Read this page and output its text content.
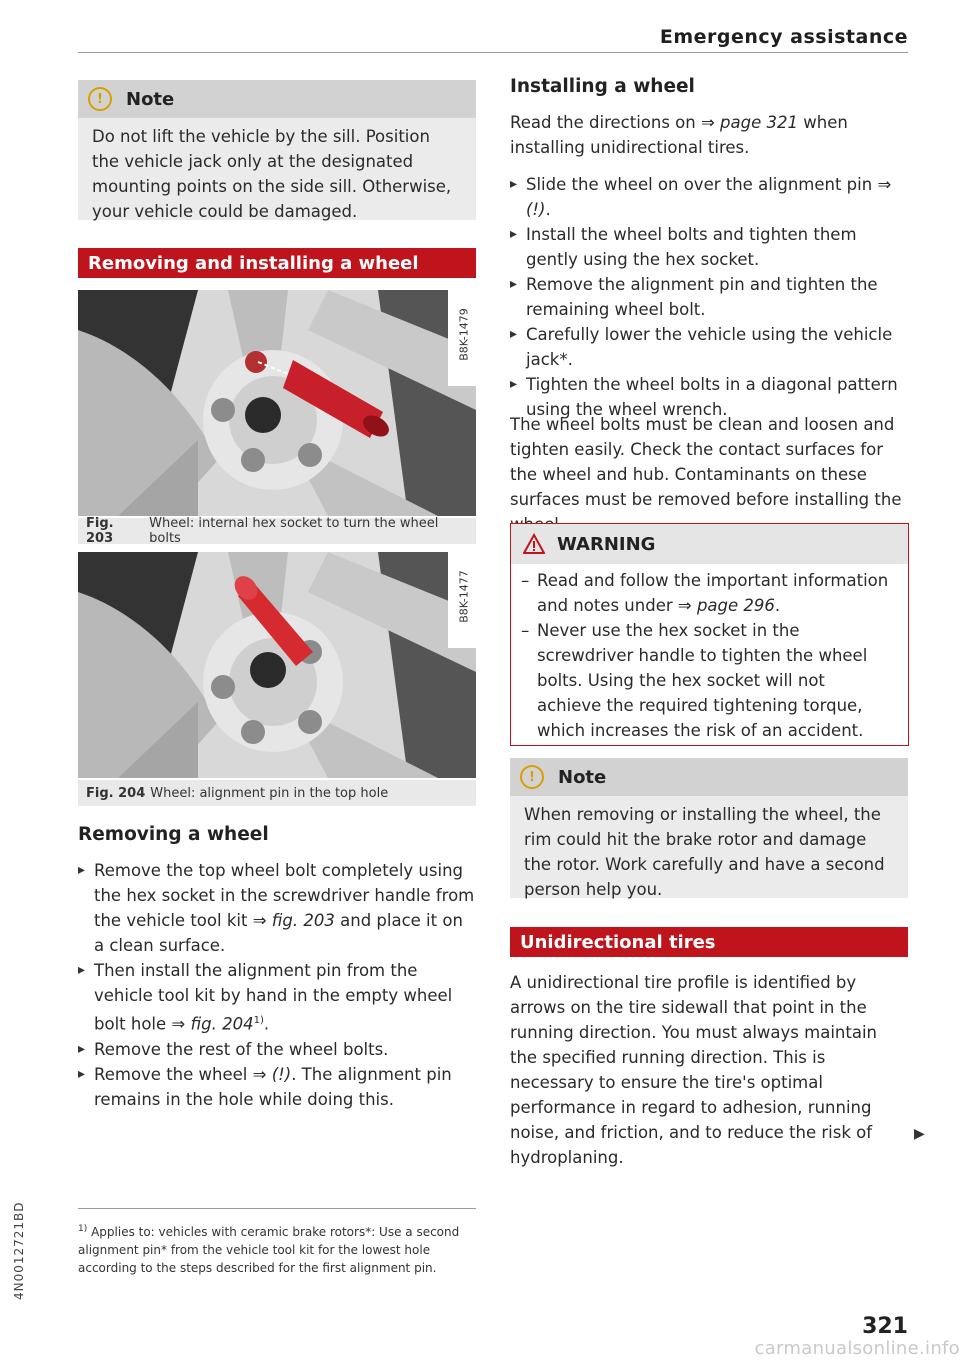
Emergency assistance
4N0012721BD
!	Note
Do not lift the vehicle by the sill. Position the vehicle jack only at the designated mounting points on the side sill. Otherwise, your vehicle could be damaged.
Removing and installing a wheel
B8K-1479
Fig. 203
Wheel: internal hex socket to turn the wheel bolts
B8K-1477
Fig. 204 Wheel: alignment pin in the top hole
Removing a wheel
▸ Remove the top wheel bolt completely using the hex socket in the screwdriver handle from the vehicle tool kit ⇒ fig. 203 and place it on a clean surface.
▸ Then install the alignment pin from the vehicle tool kit by hand in the empty wheel bolt hole ⇒ fig. 204$^{1)}$.
▸ Remove the rest of the wheel bolts.
▸ Remove the wheel ⇒ (!). The alignment pin remains in the hole while doing this.
$^{1)}$ Applies to: vehicles with ceramic brake rotors*: Use a second alignment pin* from the vehicle tool kit for the lowest hole according to the steps described for the first alignment pin.
Installing a wheel
Read the directions on ⇒ page 321 when installing unidirectional tires.
▸ Slide the wheel on over the alignment pin ⇒ (!).
▸ Install the wheel bolts and tighten them gently using the hex socket.
▸ Remove the alignment pin and tighten the remaining wheel bolt.
▸ Carefully lower the vehicle using the vehicle jack*.
▸ Tighten the wheel bolts in a diagonal pattern using the wheel wrench.
The wheel bolts must be clean and loosen and tighten easily. Check the contact surfaces for the wheel and hub. Contaminants on these surfaces must be removed before installing the
WARNING
– Read and follow the important information and notes under ⇒ page 296.
– Never use the hex socket in the screwdriver handle to tighten the wheel bolts. Using the hex socket will not achieve the required tightening torque, which increases the risk of an accident.
!	Note
When removing or installing the wheel, the rim could hit the brake rotor and damage the rotor. Work carefully and have a second person help you.
Unidirectional tires
A unidirectional tire profile is identified by arrows on the tire sidewall that point in the running direction. You must always maintain the specified running direction. This is necessary to ensure the tire's optimal performance in regard to adhesion, running noise, and friction, and to reduce the risk of hydroplaning.
▶
321
carmanualsonline.info
